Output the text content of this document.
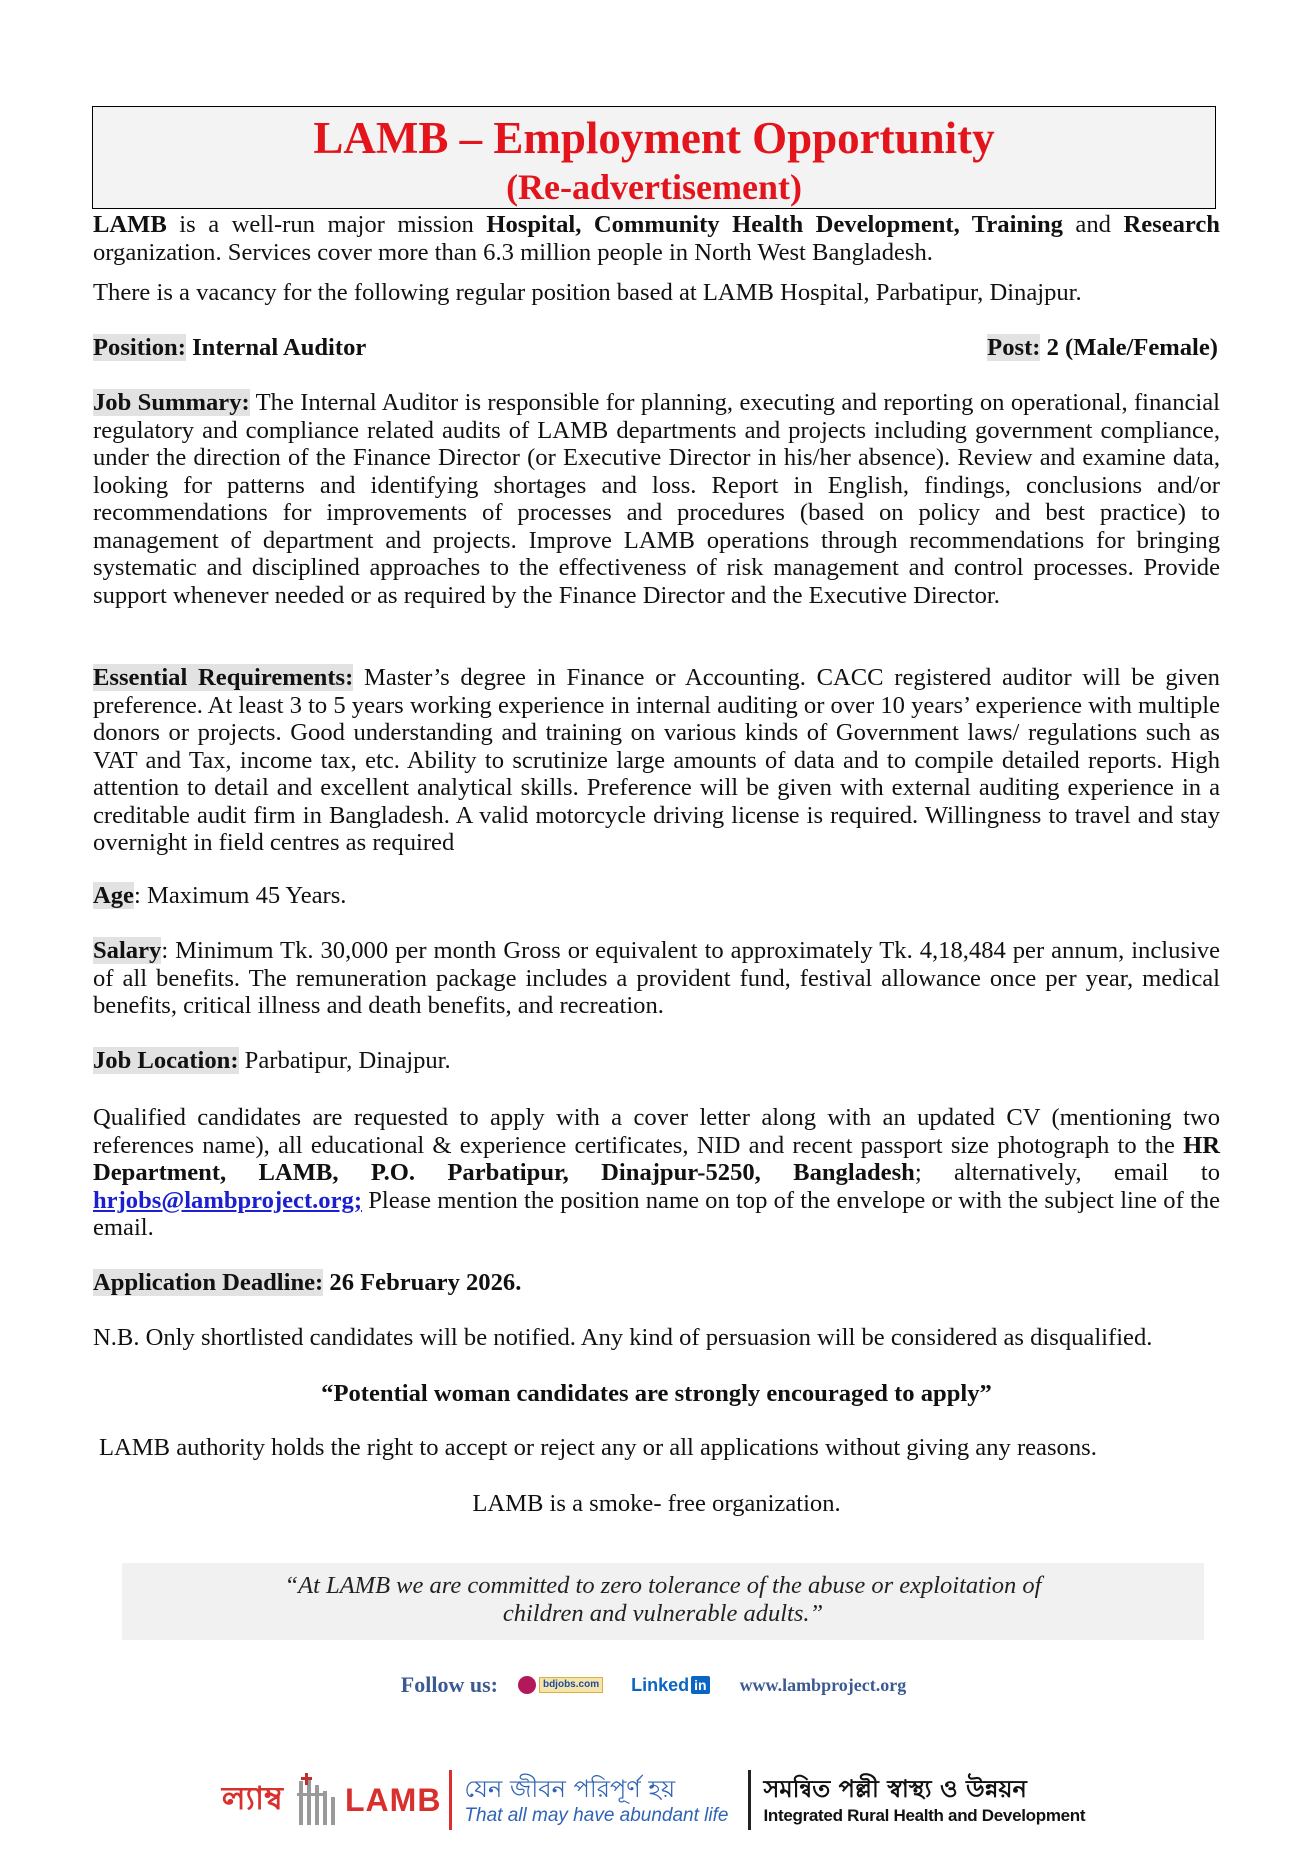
LAMB – Employment Opportunity
(Re-advertisement)
LAMB is a well-run major mission Hospital, Community Health Development, Training and Research organization. Services cover more than 6.3 million people in North West Bangladesh.
There is a vacancy for the following regular position based at LAMB Hospital, Parbatipur, Dinajpur.
Position: Internal Auditor	Post: 2 (Male/Female)
Job Summary: The Internal Auditor is responsible for planning, executing and reporting on operational, financial regulatory and compliance related audits of LAMB departments and projects including government compliance, under the direction of the Finance Director (or Executive Director in his/her absence). Review and examine data, looking for patterns and identifying shortages and loss. Report in English, findings, conclusions and/or recommendations for improvements of processes and procedures (based on policy and best practice) to management of department and projects. Improve LAMB operations through recommendations for bringing systematic and disciplined approaches to the effectiveness of risk management and control processes. Provide support whenever needed or as required by the Finance Director and the Executive Director.
Essential Requirements: Master’s degree in Finance or Accounting. CACC registered auditor will be given preference. At least 3 to 5 years working experience in internal auditing or over 10 years’ experience with multiple donors or projects. Good understanding and training on various kinds of Government laws/ regulations such as VAT and Tax, income tax, etc. Ability to scrutinize large amounts of data and to compile detailed reports. High attention to detail and excellent analytical skills. Preference will be given with external auditing experience in a creditable audit firm in Bangladesh. A valid motorcycle driving license is required. Willingness to travel and stay overnight in field centres as required
Age: Maximum 45 Years.
Salary: Minimum Tk. 30,000 per month Gross or equivalent to approximately Tk. 4,18,484 per annum, inclusive of all benefits. The remuneration package includes a provident fund, festival allowance once per year, medical benefits, critical illness and death benefits, and recreation.
Job Location: Parbatipur, Dinajpur.
Qualified candidates are requested to apply with a cover letter along with an updated CV (mentioning two references name), all educational & experience certificates, NID and recent passport size photograph to the HR Department, LAMB, P.O. Parbatipur, Dinajpur-5250, Bangladesh; alternatively, email to hrjobs@lambproject.org; Please mention the position name on top of the envelope or with the subject line of the email.
Application Deadline: 26 February 2026.
N.B. Only shortlisted candidates will be notified. Any kind of persuasion will be considered as disqualified.
“Potential woman candidates are strongly encouraged to apply”
LAMB authority holds the right to accept or reject any or all applications without giving any reasons.
LAMB is a smoke- free organization.
“At LAMB we are committed to zero tolerance of the abuse or exploitation of children and vulnerable adults.”
Follow us:	bdjobs.com Linked in www.lambproject.org
ল্যাম্ব LAMB যেন জীবন পরিপূর্ণ হয়
That all may have abundant life
সমন্বিত পল্লী স্বাস্থ্য ও উন্নয়ন
Integrated Rural Health and Development
